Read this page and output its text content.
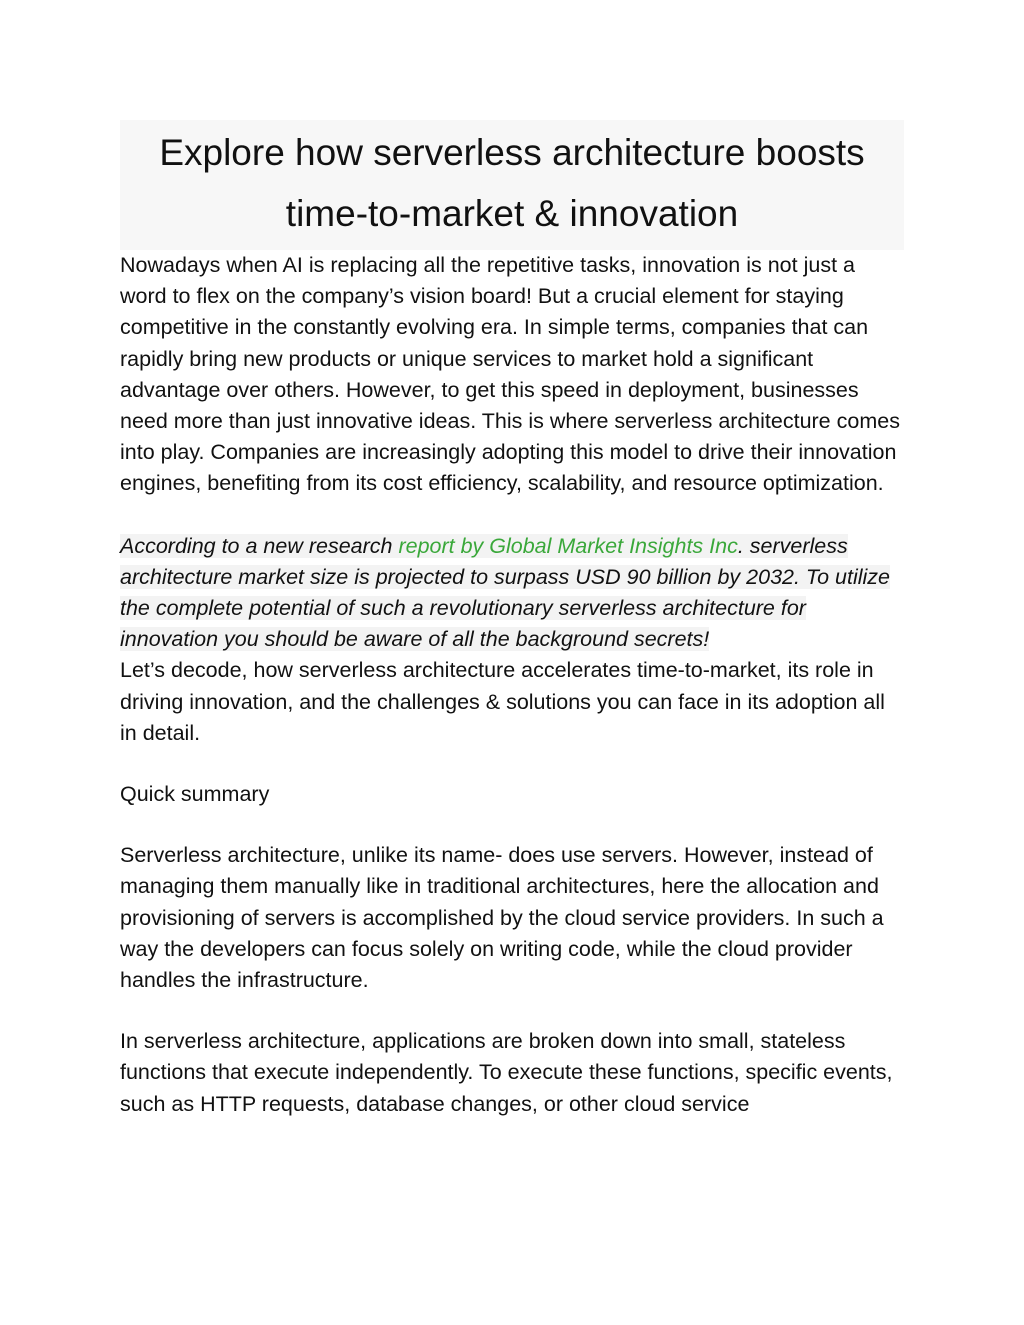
Explore how serverless architecture boosts time-to-market & innovation

Nowadays when AI is replacing all the repetitive tasks, innovation is not just a word to flex on the company’s vision board! But a crucial element for staying competitive in the constantly evolving era. In simple terms, companies that can rapidly bring new products or unique services to market hold a significant advantage over others. However, to get this speed in deployment, businesses need more than just innovative ideas. This is where serverless architecture comes into play. Companies are increasingly adopting this model to drive their innovation engines, benefiting from its cost efficiency, scalability, and resource optimization.

According to a new research report by Global Market Insights Inc. serverless architecture market size is projected to surpass USD 90 billion by 2032. To utilize the complete potential of such a revolutionary serverless architecture for innovation you should be aware of all the background secrets!

Let’s decode, how serverless architecture accelerates time-to-market, its role in driving innovation, and the challenges & solutions you can face in its adoption all in detail.

Quick summary

Serverless architecture, unlike its name- does use servers. However, instead of managing them manually like in traditional architectures, here the allocation and provisioning of servers is accomplished by the cloud service providers. In such a way the developers can focus solely on writing code, while the cloud provider handles the infrastructure.

In serverless architecture, applications are broken down into small, stateless functions that execute independently. To execute these functions, specific events, such as HTTP requests, database changes, or other cloud service
